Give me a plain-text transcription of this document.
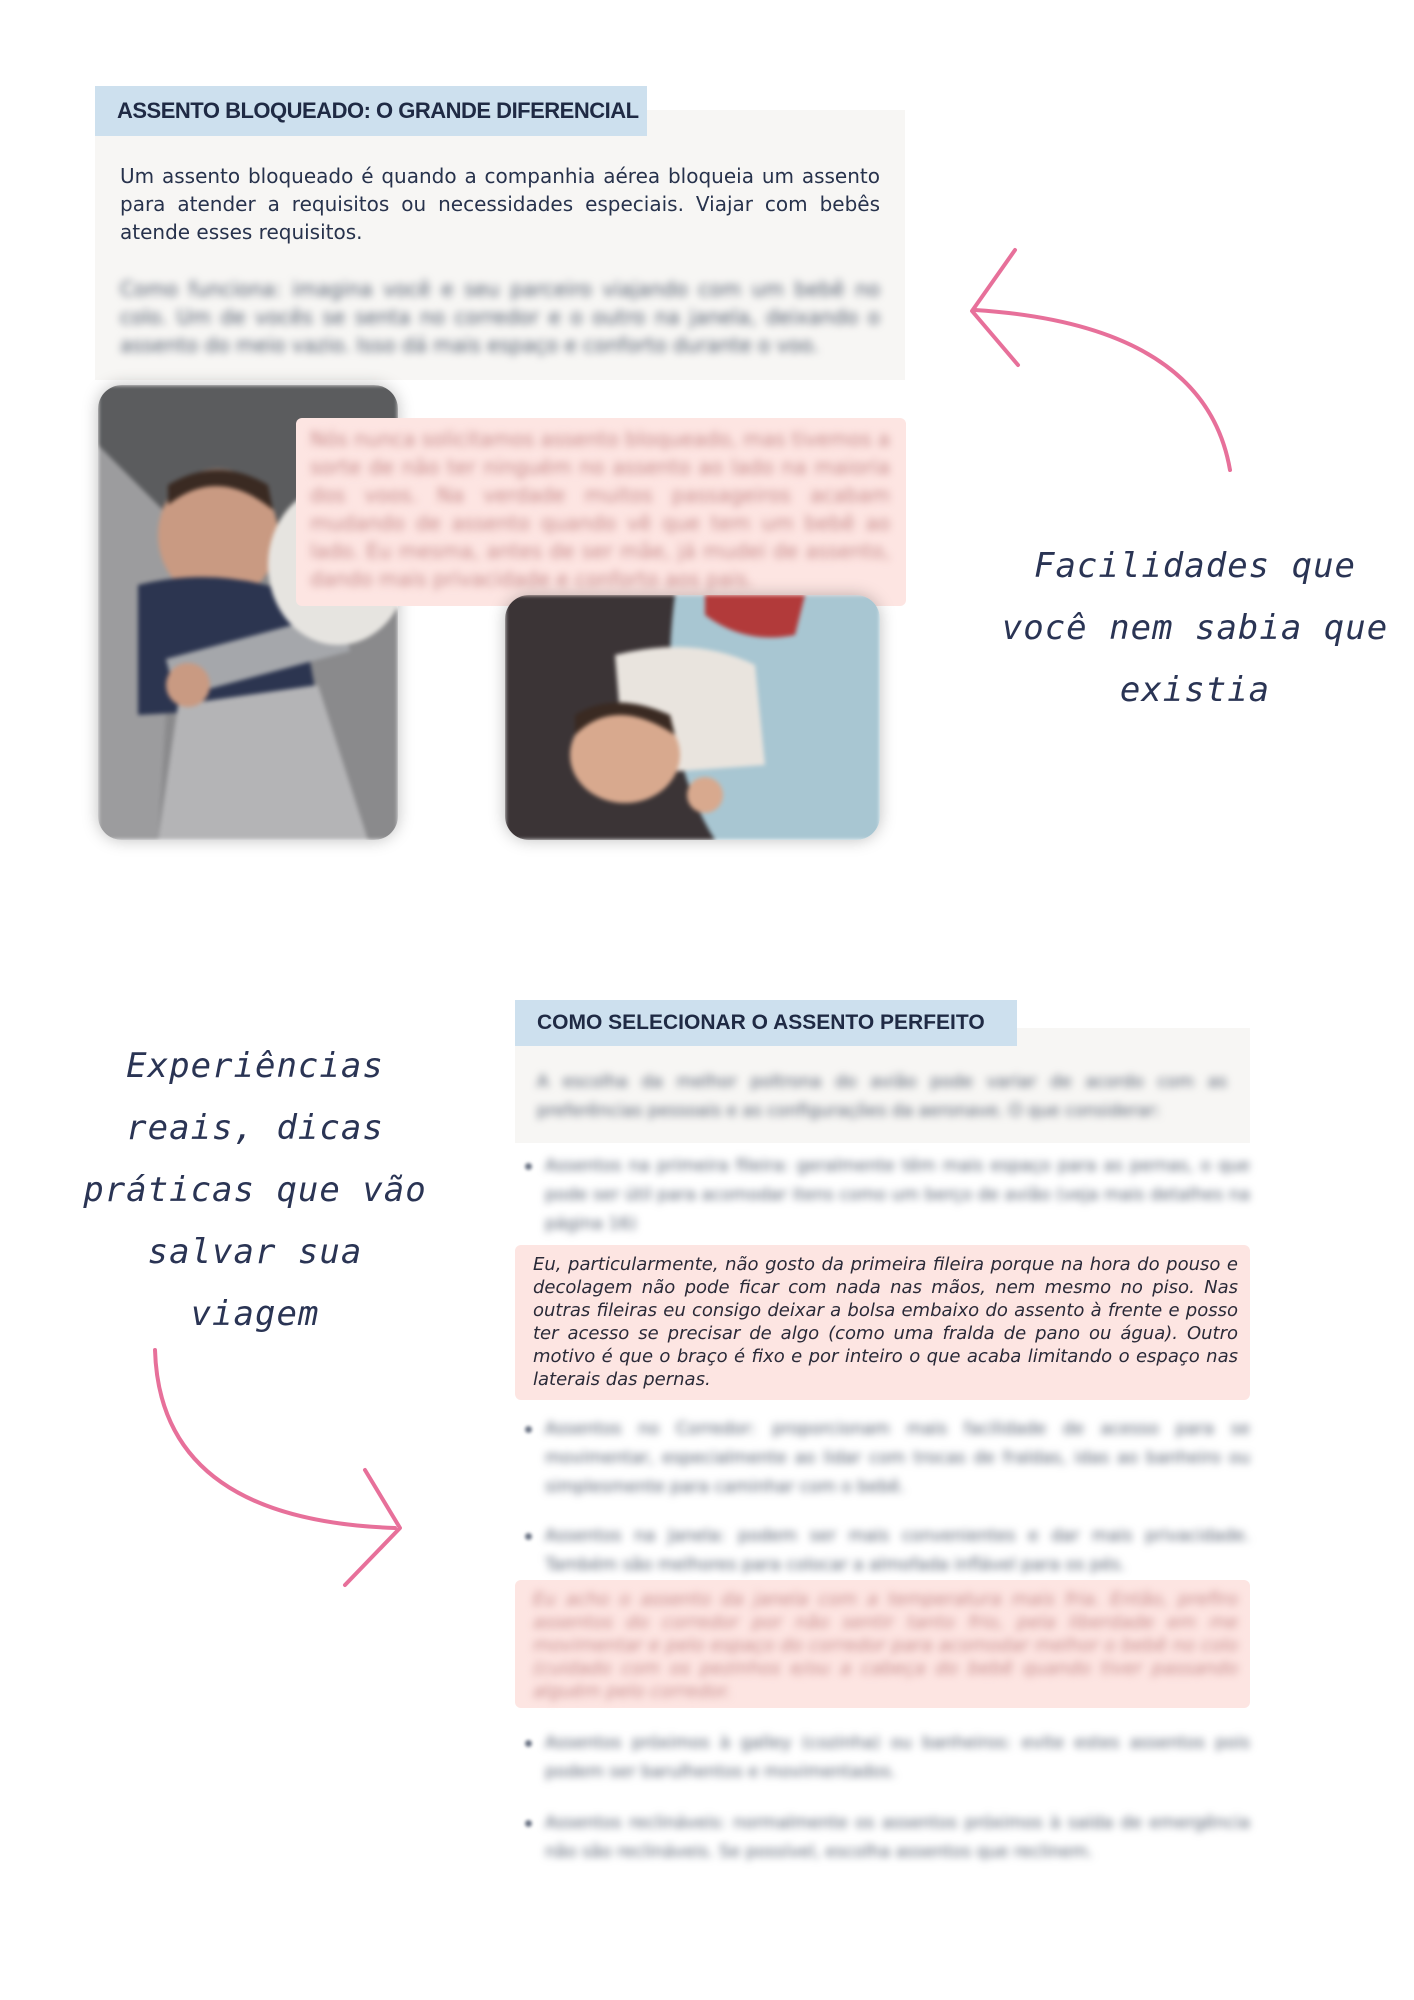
ASSENTO BLOQUEADO: O GRANDE DIFERENCIAL
Um assento bloqueado é quando a companhia aérea bloqueia um assento para atender a requisitos ou necessidades especiais. Viajar com bebês atende esses requisitos.
Como funciona: imagina você e seu parceiro viajando com um bebê no colo. Um de vocês se senta no corredor e o outro na janela, deixando o assento do meio vazio. Isso dá mais espaço e conforto durante o voo.
Nós nunca solicitamos assento bloqueado, mas tivemos a sorte de não ter ninguém no assento ao lado na maioria dos voos. Na verdade muitos passageiros acabam mudando de assento quando vê que tem um bebê ao lado. Eu mesma, antes de ser mãe, já mudei de assento, dando mais privacidade e conforto aos pais.	Facilidades que você nem sabia que existia
COMO SELECIONAR O ASSENTO PERFEITO
A escolha da melhor poltrona do avião pode variar de acordo com as preferências pessoais e as configurações da aeronave. O que considerar:
Assentos na primeira fileira: geralmente têm mais espaço para as pernas, o que pode ser útil para acomodar itens como um berço de avião (veja mais detalhes na página 16)
Eu, particularmente, não gosto da primeira fileira porque na hora do pouso e decolagem não pode ficar com nada nas mãos, nem mesmo no piso. Nas outras fileiras eu consigo deixar a bolsa embaixo do assento à frente e posso ter acesso se precisar de algo (como uma fralda de pano ou água). Outro motivo é que o braço é fixo e por inteiro o que acaba limitando o espaço nas laterais das pernas.
Assentos no Corredor: proporcionam mais facilidade de acesso para se movimentar, especialmente ao lidar com trocas de fraldas, idas ao banheiro ou simplesmente para caminhar com o bebê.
Assentos na Janela: podem ser mais convenientes e dar mais privacidade. Também são melhores para colocar a almofada inflável para os pés.
Eu acho o assento da janela com a temperatura mais fria. Então, prefiro assentos do corredor por não sentir tanto frio, pela liberdade em me movimentar e pelo espaço do corredor para acomodar melhor o bebê no colo (cuidado com os pezinhos e/ou a cabeça do bebê quando tiver passando alguém pelo corredor.
Assentos próximos à galley (cozinha) ou banheiros: evite estes assentos pois podem ser barulhentos e movimentados.
Assentos reclináveis: normalmente os assentos próximos à saída de emergência não são reclináveis. Se possível, escolha assentos que reclinem.
Experiências reais, dicas práticas que vão salvar sua viagem
